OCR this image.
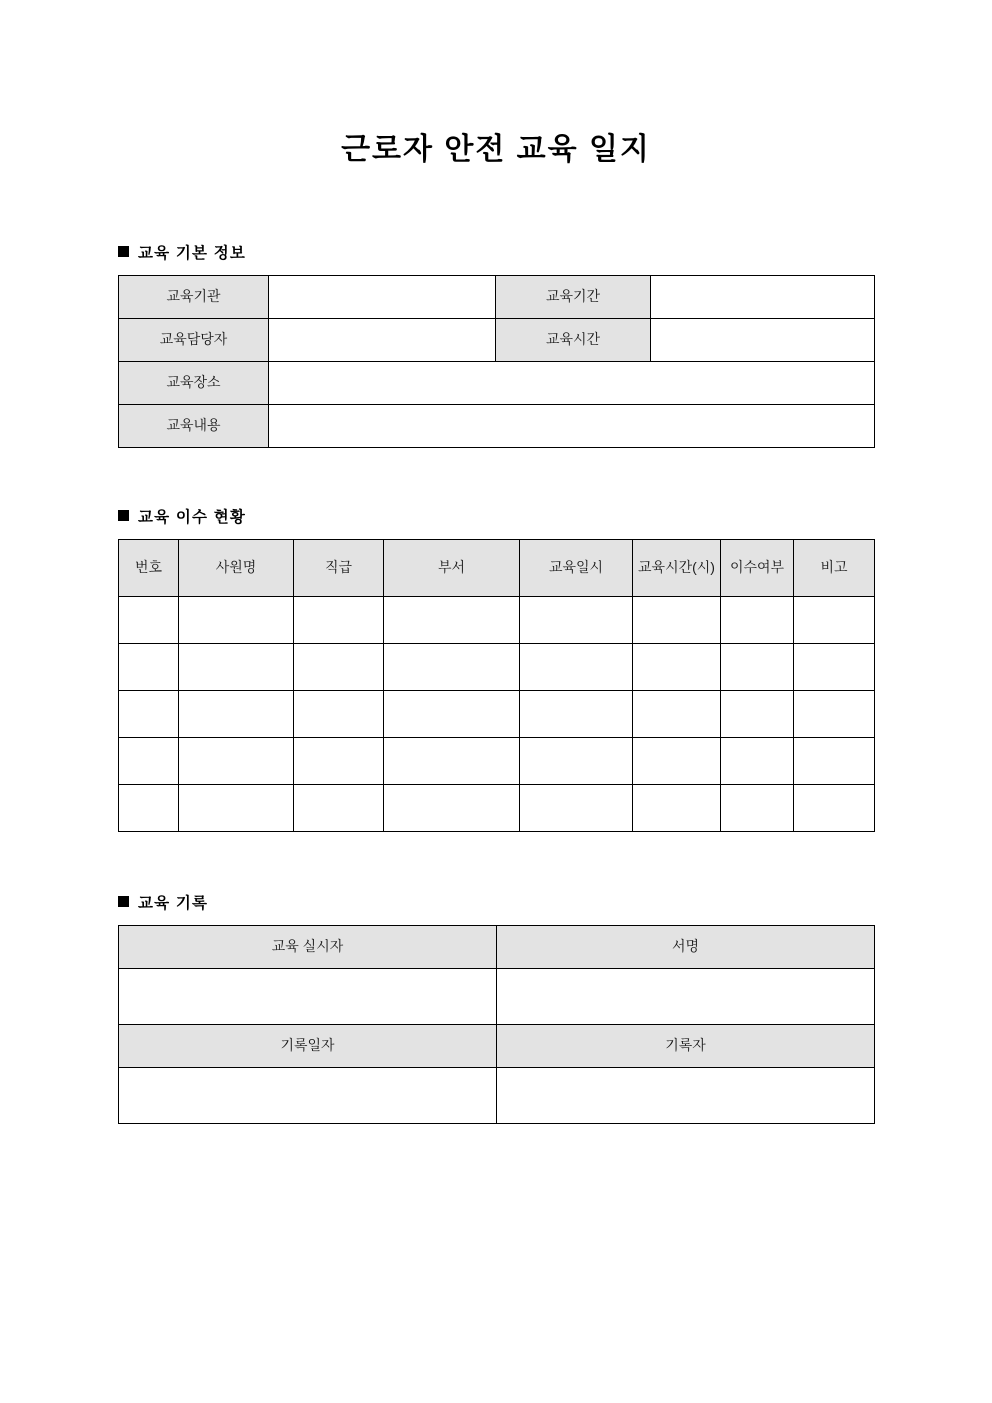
근로자 안전 교육 일지
교육 기본 정보
교육기관		교육기간	
교육담당자		교육시간	
교육장소			
교육내용			
교육 이수 현황
번호	사원명	직급	부서	교육일시	교육시간(시)	이수여부	비고

교육 기록
교육 실시자	서명

기록일자	기록자
